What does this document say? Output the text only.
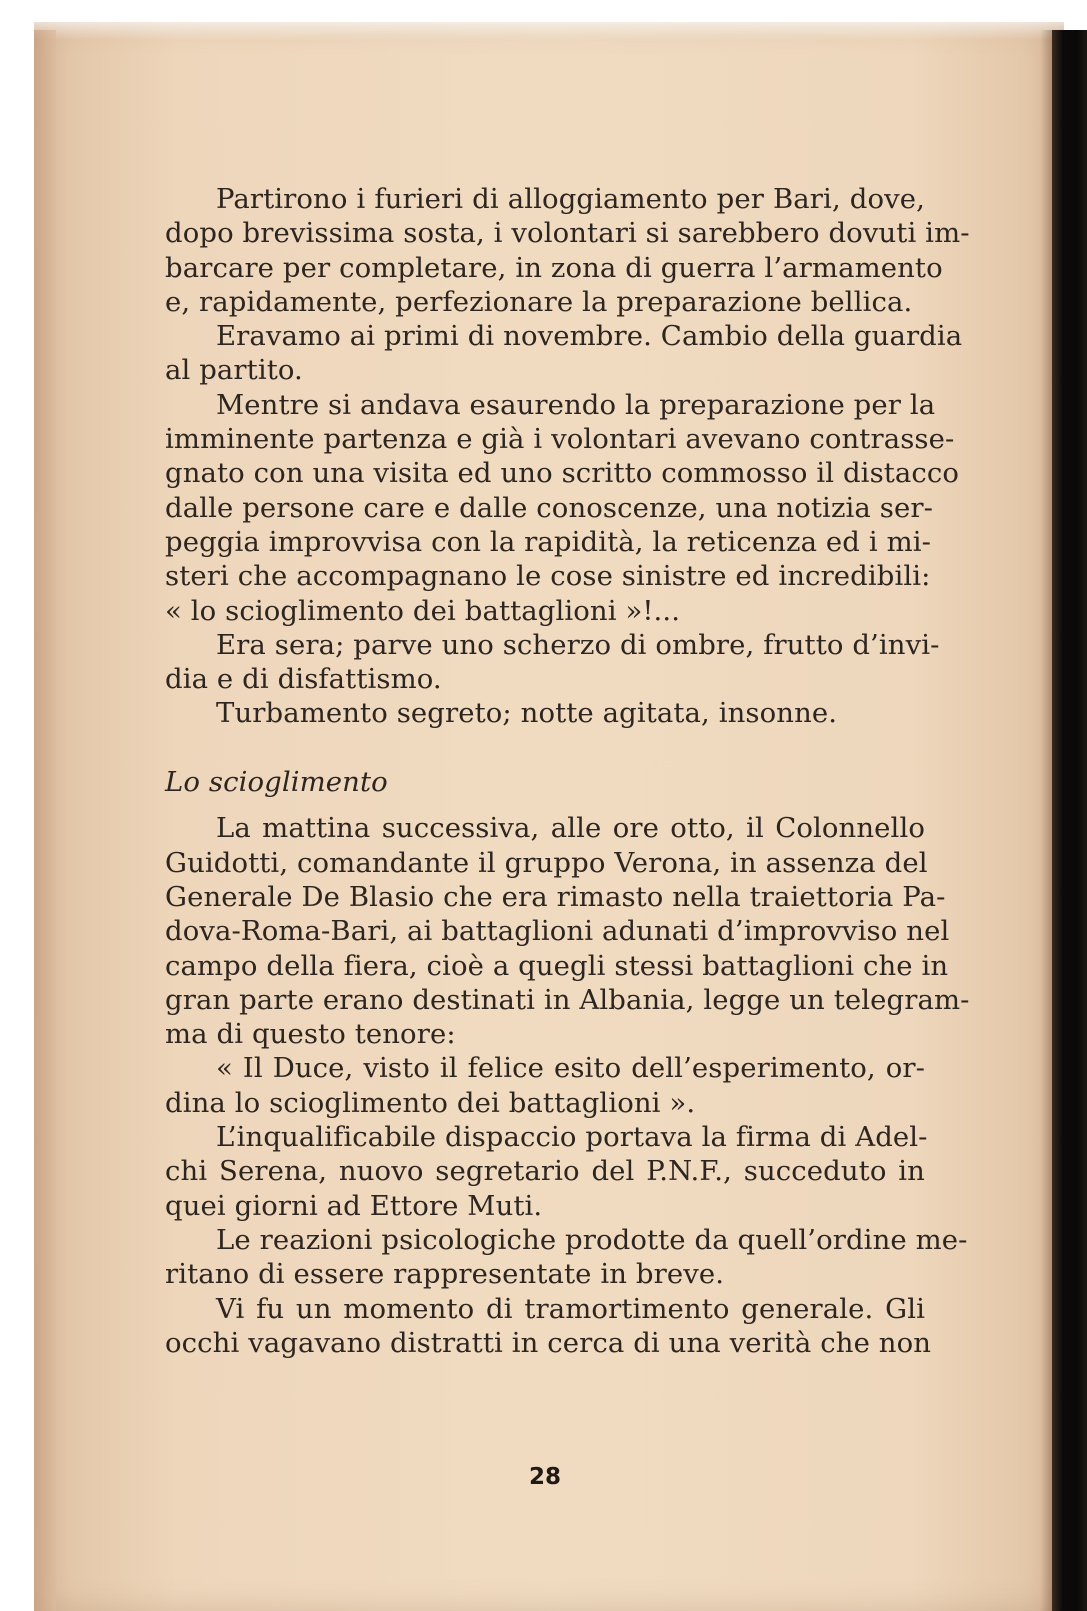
Partirono i furieri di alloggiamento per Bari, dove,
dopo brevissima sosta, i volontari si sarebbero dovuti im-
barcare per completare, in zona di guerra l’armamento
e, rapidamente, perfezionare la preparazione bellica.
Eravamo ai primi di novembre. Cambio della guardia
al partito.
Mentre si andava esaurendo la preparazione per la
imminente partenza e già i volontari avevano contrasse-
gnato con una visita ed uno scritto commosso il distacco
dalle persone care e dalle conoscenze, una notizia ser-
peggia improvvisa con la rapidità, la reticenza ed i mi-
steri che accompagnano le cose sinistre ed incredibili:
« lo scioglimento dei battaglioni »!...
Era sera; parve uno scherzo di ombre, frutto d’invi-
dia e di disfattismo.
Turbamento segreto; notte agitata, insonne.
Lo scioglimento
La mattina successiva, alle ore otto, il Colonnello
Guidotti, comandante il gruppo Verona, in assenza del
Generale De Blasio che era rimasto nella traiettoria Pa-
dova-Roma-Bari, ai battaglioni adunati d’improvviso nel
campo della fiera, cioè a quegli stessi battaglioni che in
gran parte erano destinati in Albania, legge un telegram-
ma di questo tenore:
« Il Duce, visto il felice esito dell’esperimento, or-
dina lo scioglimento dei battaglioni ».
L’inqualificabile dispaccio portava la firma di Adel-
chi Serena, nuovo segretario del P.N.F., succeduto in
quei giorni ad Ettore Muti.
Le reazioni psicologiche prodotte da quell’ordine me-
ritano di essere rappresentate in breve.
Vi fu un momento di tramortimento generale. Gli
occhi vagavano distratti in cerca di una verità che non
28
